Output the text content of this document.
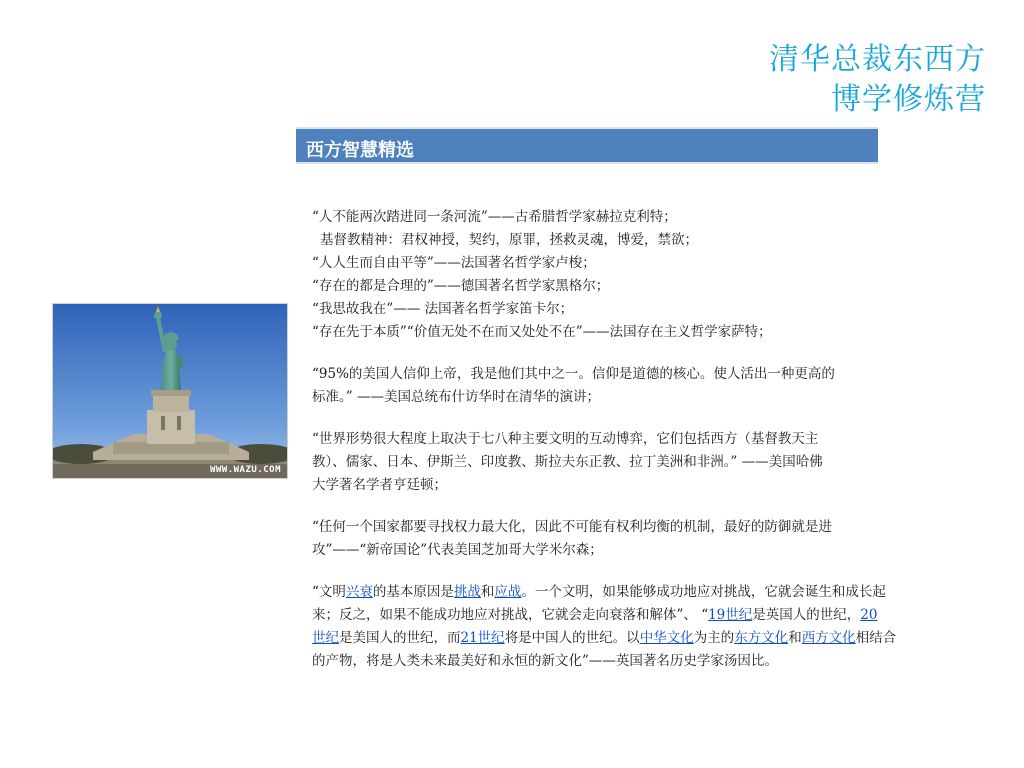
清华总裁东西方
博学修炼营
西方智慧精选
WWW.WAZU.COM
“人不能两次踏进同一条河流”——古希腊哲学家赫拉克利特；
基督教精神：君权神授，契约，原罪，拯救灵魂，博爱，禁欲；
“人人生而自由平等”——法国著名哲学家卢梭；
“存在的都是合理的”——德国著名哲学家黑格尔；
“我思故我在”—— 法国著名哲学家笛卡尔；
“存在先于本质”“价值无处不在而又处处不在”——法国存在主义哲学家萨特；
“95%的美国人信仰上帝，我是他们其中之一。信仰是道德的核心。使人活出一种更高的
标准。” ——美国总统布什访华时在清华的演讲；
“世界形势很大程度上取决于七八种主要文明的互动博弈，它们包括西方（基督教天主
教）、儒家、日本、伊斯兰、印度教、斯拉夫东正教、拉丁美洲和非洲。” ——美国哈佛
大学著名学者亨廷顿；
“任何一个国家都要寻找权力最大化，因此不可能有权利均衡的机制，最好的防御就是进
攻”——“新帝国论”代表美国芝加哥大学米尔森；
“文明兴衰的基本原因是挑战和应战。一个文明，如果能够成功地应对挑战，它就会诞生和成长起
来；反之，如果不能成功地应对挑战，它就会走向衰落和解体”、 “19世纪是英国人的世纪，20
世纪是美国人的世纪，而21世纪将是中国人的世纪。以中华文化为主的东方文化和西方文化相结合
的产物，将是人类未来最美好和永恒的新文化”——英国著名历史学家汤因比。
